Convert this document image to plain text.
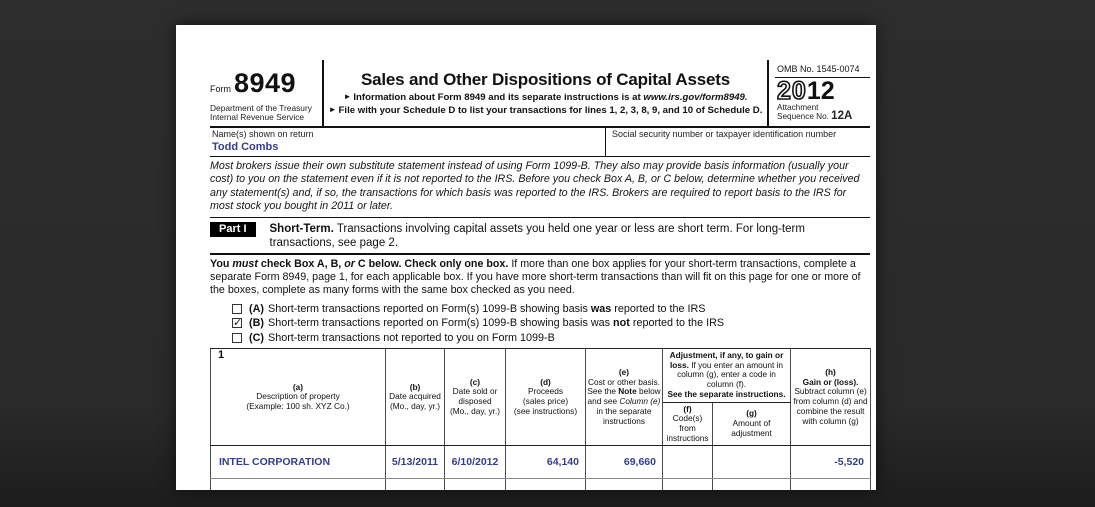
Form 8949
Department of the Treasury
Internal Revenue Service
Sales and Other Dispositions of Capital Assets
► Information about Form 8949 and its separate instructions is at www.irs.gov/form8949.
► File with your Schedule D to list your transactions for lines 1, 2, 3, 8, 9, and 10 of Schedule D.
OMB No. 1545-0074
2012
Attachment
Sequence No. 12A
Name(s) shown on return
Todd Combs
Social security number or taxpayer identification number
Most brokers issue their own substitute statement instead of using Form 1099-B. They also may provide basis information (usually your cost) to you on the statement even if it is not reported to the IRS. Before you check Box A, B, or C below, determine whether you received any statement(s) and, if so, the transactions for which basis was reported to the IRS. Brokers are required to report basis to the IRS for most stock you bought in 2011 or later.
Part I	Short-Term. Transactions involving capital assets you held one year or less are short term. For long-term transactions, see page 2.
You must check Box A, B, or C below. Check only one box. If more than one box applies for your short-term transactions, complete a separate Form 8949, page 1, for each applicable box. If you have more short-term transactions than will fit on this page for one or more of the boxes, complete as many forms with the same box checked as you need.
(A) Short-term transactions reported on Form(s) 1099-B showing basis was reported to the IRS
✓ (B) Short-term transactions reported on Form(s) 1099-B showing basis was not reported to the IRS
(C) Short-term transactions not reported to you on Form 1099-B
1
(a)
Description of property
(Example: 100 sh. XYZ Co.)

(b)
Date acquired
(Mo., day, yr.)

(c)
Date sold or disposed
(Mo., day, yr.)

(d)
Proceeds
(sales price)
(see instructions)

(e)
Cost or other basis. See the Note below and see Column (e) in the separate instructions
	Adjustment, if any, to gain or loss. If you enter an amount in column (g), enter a code in column (f).
See the separate instructions.

(h)
Gain or (loss). Subtract column (e) from column (d) and combine the result with column (g)

(f)
Code(s) from instructions

(g)
Amount of adjustment

INTEL CORPORATION	5/13/2011	6/10/2012	64,140	69,660			-5,520
